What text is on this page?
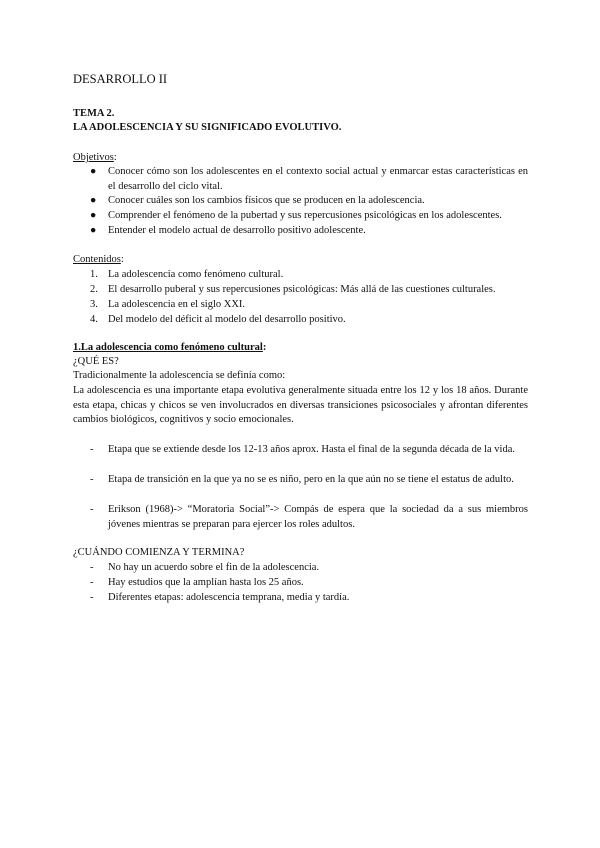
DESARROLLO II

TEMA 2.

LA ADOLESCENCIA Y SU SIGNIFICADO EVOLUTIVO.

Objetivos:

●	Conocer cómo son los adolescentes en el contexto social actual y enmarcar estas características en el desarrollo del ciclo vital.
●	Conocer cuáles son los cambios físicos que se producen en la adolescencia.
●	Comprender el fenómeno de la pubertad y sus repercusiones psicológicas en los adolescentes.
●	Entender el modelo actual de desarrollo positivo adolescente.

Contenidos:

1. La adolescencia como fenómeno cultural.
2. El desarrollo puberal y sus repercusiones psicológicas: Más allá de las cuestiones culturales.
3. La adolescencia en el siglo XXI.
4. Del modelo del déficit al modelo del desarrollo positivo.

1.La adolescencia como fenómeno cultural:

¿QUÉ ES?

Tradicionalmente la adolescencia se definía como:

La adolescencia es una importante etapa evolutiva generalmente situada entre los 12 y los 18 años. Durante esta etapa, chicas y chicos se ven involucrados en diversas transiciones psicosociales y afrontan diferentes cambios biológicos, cognitivos y socio emocionales.

-	Etapa que se extiende desde los 12-13 años aprox. Hasta el final de la segunda década de la vida.
-	Etapa de transición en la que ya no se es niño, pero en la que aún no se tiene el estatus de adulto.
-	Erikson (1968)-> “Moratoria Social”-> Compás de espera que la sociedad da a sus miembros jóvenes mientras se preparan para ejercer los roles adultos.

¿CUÁNDO COMIENZA Y TERMINA?

-	No hay un acuerdo sobre el fin de la adolescencia.
-	Hay estudios que la amplían hasta los 25 años.
-	Diferentes etapas: adolescencia temprana, media y tardía.
